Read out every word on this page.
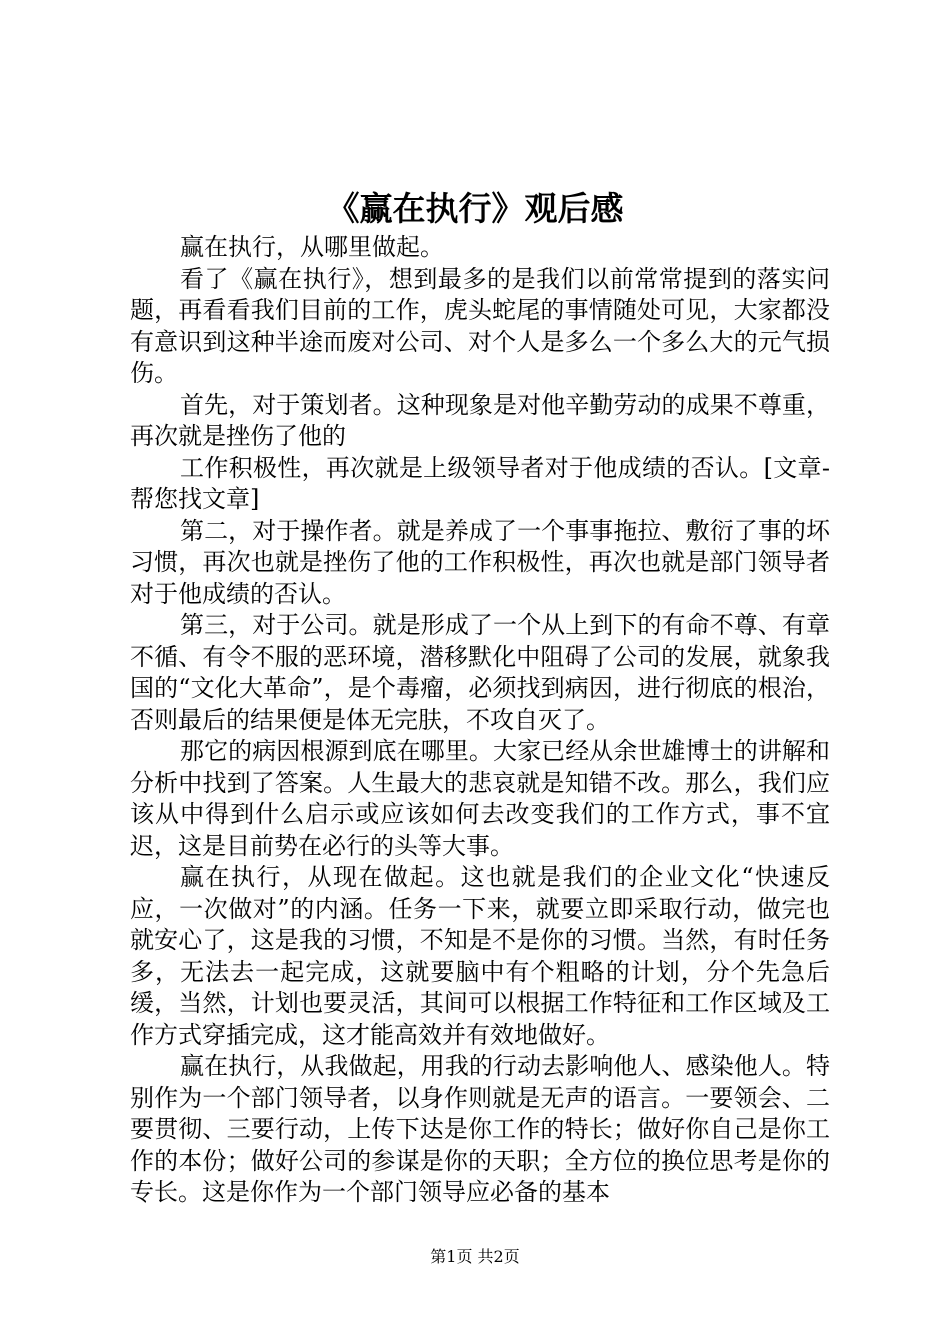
《赢在执行》观后感

赢在执行，从哪里做起。

看了《赢在执行》，想到最多的是我们以前常常提到的落实问题，再看看我们目前的工作，虎头蛇尾的事情随处可见，大家都没有意识到这种半途而废对公司、对个人是多么一个多么大的元气损伤。

首先，对于策划者。这种现象是对他辛勤劳动的成果不尊重，再次就是挫伤了他的

工作积极性，再次就是上级领导者对于他成绩的否认。[文章-帮您找文章]

第二，对于操作者。就是养成了一个事事拖拉、敷衍了事的坏习惯，再次也就是挫伤了他的工作积极性，再次也就是部门领导者对于他成绩的否认。

第三，对于公司。就是形成了一个从上到下的有命不尊、有章不循、有令不服的恶环境，潜移默化中阻碍了公司的发展，就象我国的“文化大革命”，是个毒瘤，必须找到病因，进行彻底的根治，否则最后的结果便是体无完肤，不攻自灭了。

那它的病因根源到底在哪里。大家已经从余世雄博士的讲解和分析中找到了答案。人生最大的悲哀就是知错不改。那么，我们应该从中得到什么启示或应该如何去改变我们的工作方式，事不宜迟，这是目前势在必行的头等大事。

赢在执行，从现在做起。这也就是我们的企业文化“快速反应，一次做对”的内涵。任务一下来，就要立即采取行动，做完也就安心了，这是我的习惯，不知是不是你的习惯。当然，有时任务多，无法去一起完成，这就要脑中有个粗略的计划，分个先急后缓，当然，计划也要灵活，其间可以根据工作特征和工作区域及工作方式穿插完成，这才能高效并有效地做好。

赢在执行，从我做起，用我的行动去影响他人、感染他人。特别作为一个部门领导者，以身作则就是无声的语言。一要领会、二要贯彻、三要行动，上传下达是你工作的特长；做好你自己是你工作的本份；做好公司的参谋是你的天职；全方位的换位思考是你的专长。这是你作为一个部门领导应必备的基本

第1页 共2页
